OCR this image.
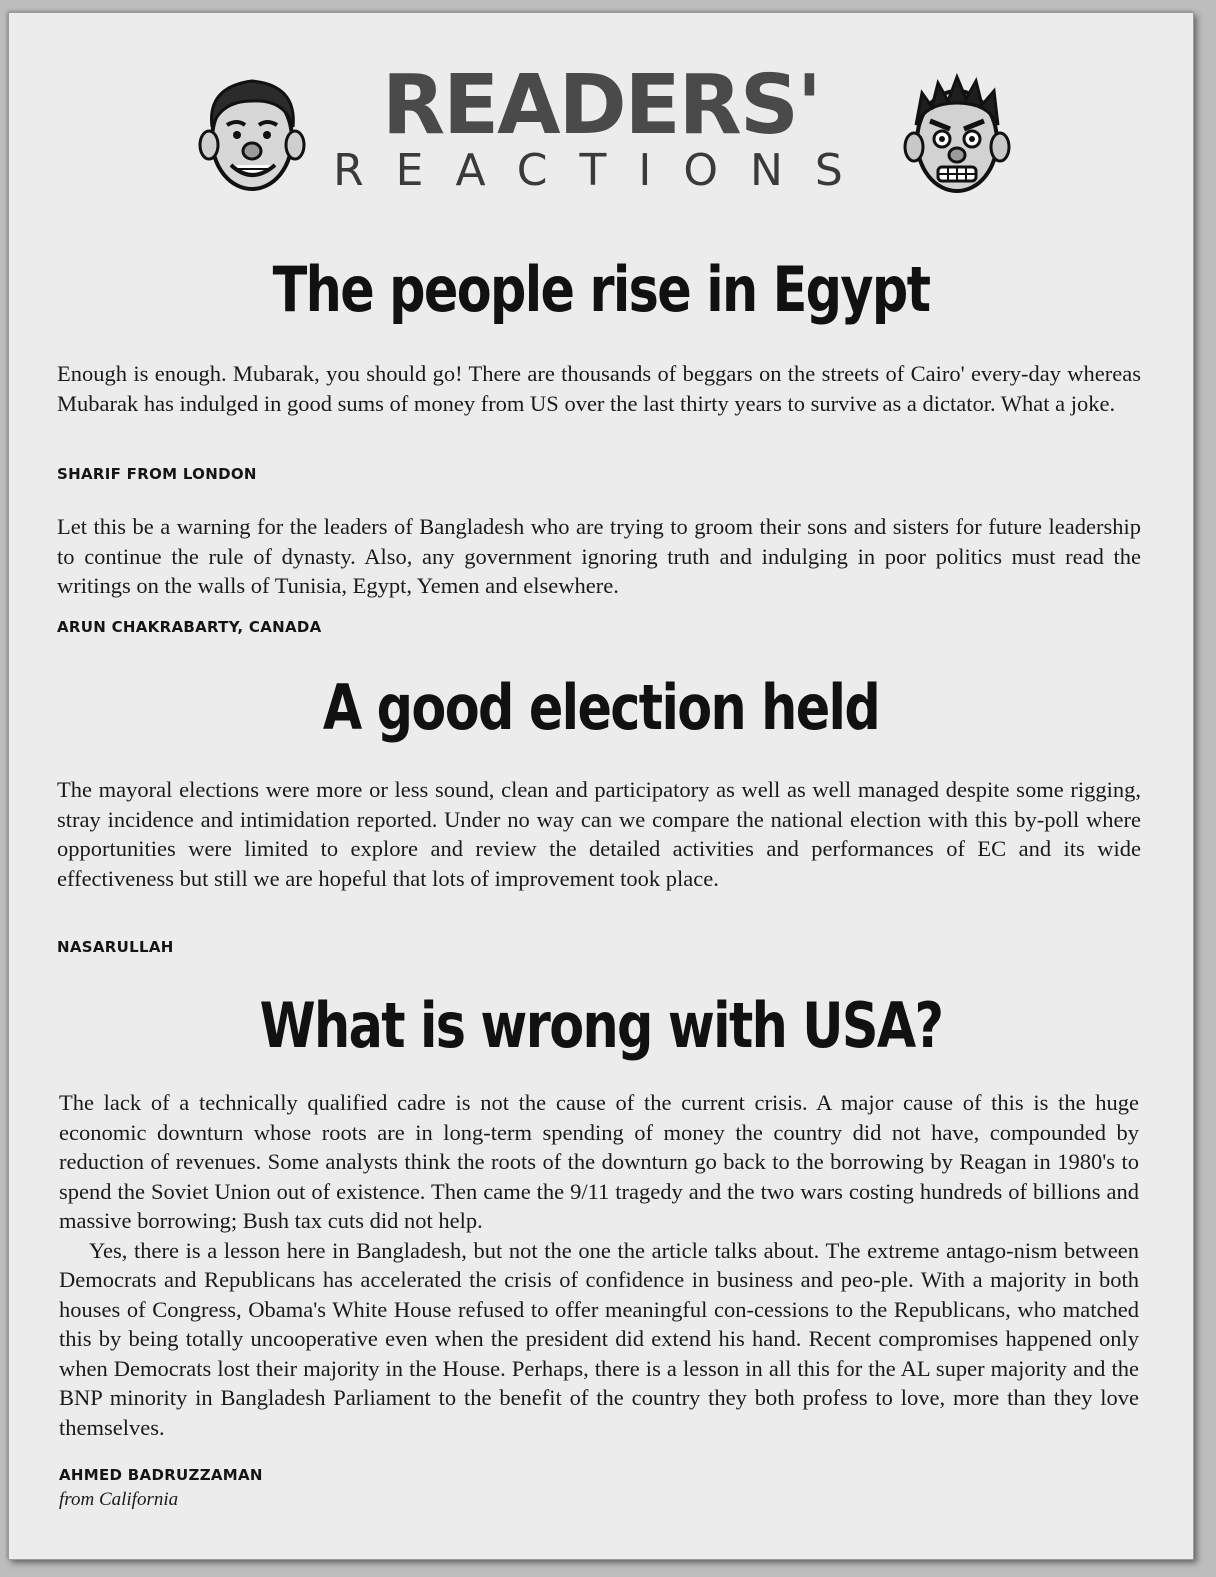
READERS'
REACTIONS
The people rise in Egypt

Enough is enough. Mubarak, you should go! There are thousands of beggars on the streets of Cairo' every-day whereas Mubarak has indulged in good sums of money from US over the last thirty years to survive as a dictator. What a joke.

SHARIF FROM LONDON

Let this be a warning for the leaders of Bangladesh who are trying to groom their sons and sisters for future leadership to continue the rule of dynasty. Also, any government ignoring truth and indulging in poor politics must read the writings on the walls of Tunisia, Egypt, Yemen and elsewhere.

ARUN CHAKRABARTY, CANADA
A good election held

The mayoral elections were more or less sound, clean and participatory as well as well managed despite some rigging, stray incidence and intimidation reported. Under no way can we compare the national election with this by-poll where opportunities were limited to explore and review the detailed activities and performances of EC and its wide effectiveness but still we are hopeful that lots of improvement took place.

NASARULLAH
What is wrong with USA?

The lack of a technically qualified cadre is not the cause of the current crisis. A major cause of this is the huge economic downturn whose roots are in long-term spending of money the country did not have, compounded by reduction of revenues. Some analysts think the roots of the downturn go back to the borrowing by Reagan in 1980's to spend the Soviet Union out of existence. Then came the 9/11 tragedy and the two wars costing hundreds of billions and massive borrowing; Bush tax cuts did not help.

Yes, there is a lesson here in Bangladesh, but not the one the article talks about. The extreme antago-nism between Democrats and Republicans has accelerated the crisis of confidence in business and peo-ple. With a majority in both houses of Congress, Obama's White House refused to offer meaningful con-cessions to the Republicans, who matched this by being totally uncooperative even when the president did extend his hand. Recent compromises happened only when Democrats lost their majority in the House. Perhaps, there is a lesson in all this for the AL super majority and the BNP minority in Bangladesh Parliament to the benefit of the country they both profess to love, more than they love themselves.

AHMED BADRUZZAMAN
from California
